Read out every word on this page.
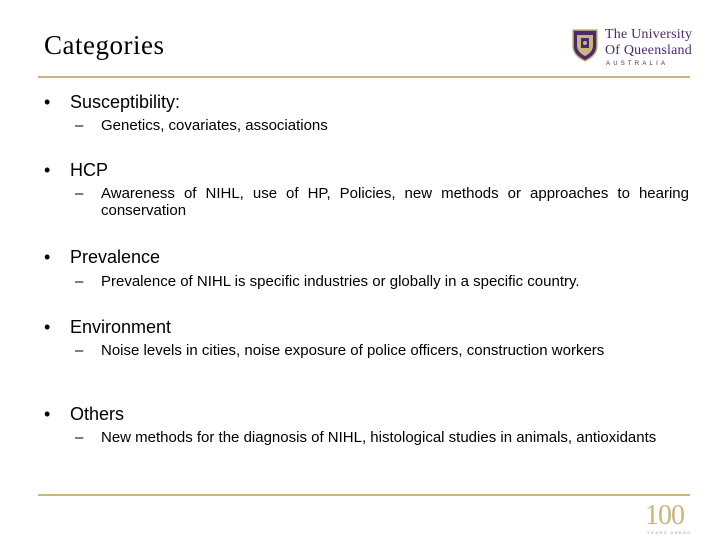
Categories	The University
Of Queensland
AUSTRALIA
• Susceptibility:
– Genetics, covariates, associations
• HCP
– Awareness of NIHL, use of HP, Policies, new methods or approaches to hearing conservation
• Prevalence
– Prevalence of NIHL is specific industries or globally in a specific country.
• Environment
– Noise levels in cities, noise exposure of police officers, construction workers
• Others
– New methods for the diagnosis of NIHL, histological studies in animals, antioxidants
100
YEARS AHEAD
